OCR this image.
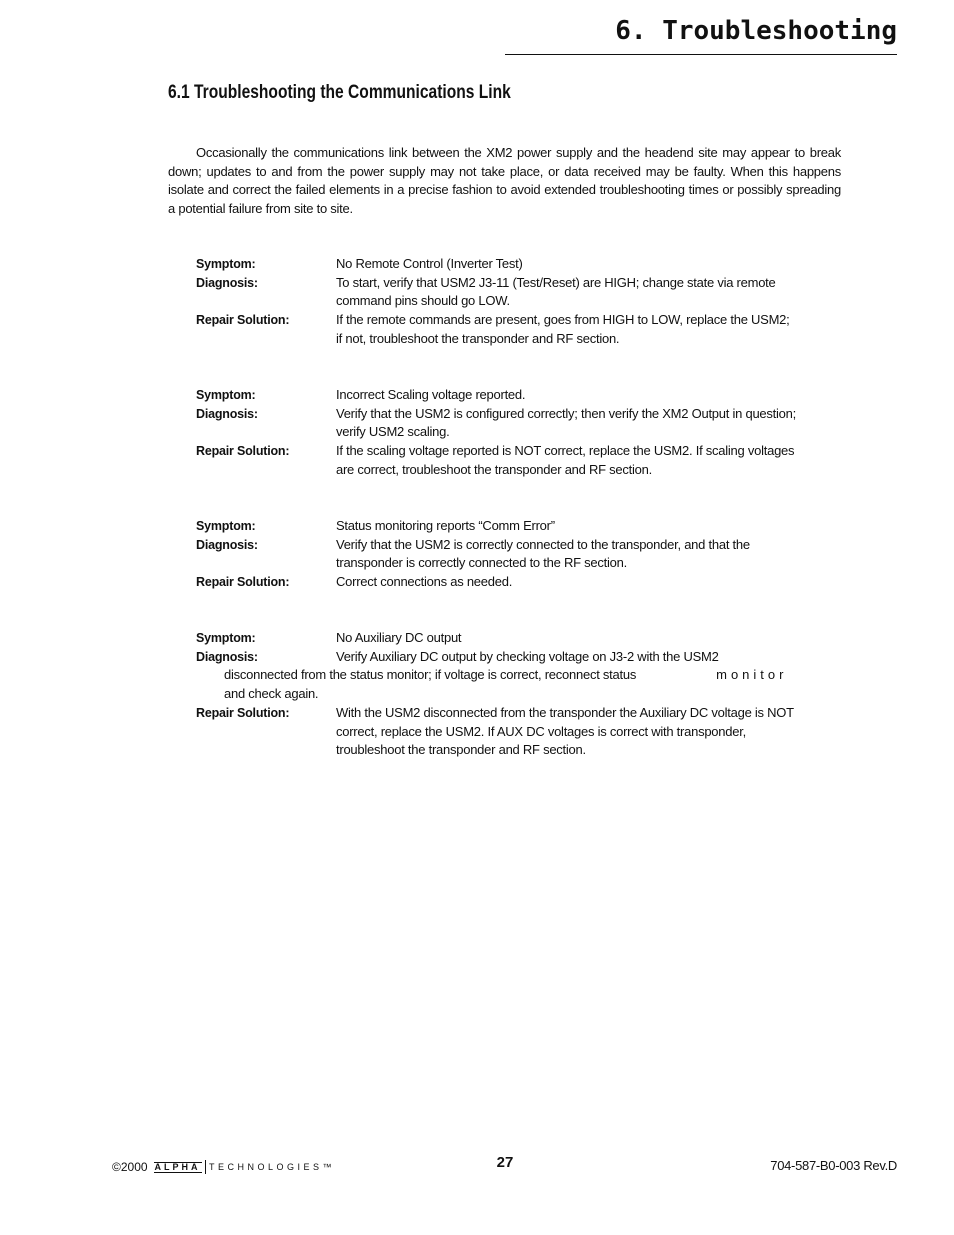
6. Troubleshooting
6.1 Troubleshooting the Communications Link

Occasionally the communications link between the XM2 power supply and the headend site may appear to break down; updates to and from the power supply may not take place, or data received may be faulty. When this happens isolate and correct the failed elements in a precise fashion to avoid extended troubleshooting times or possibly spreading a potential failure from site to site.

Symptom:	No Remote Control (Inverter Test)
Diagnosis:	To start, verify that USM2 J3-11 (Test/Reset) are HIGH; change state via remote command pins should go LOW.
Repair Solution:	If the remote commands are present, goes from HIGH to LOW, replace the USM2; if not, troubleshoot the transponder and RF section.
Symptom:	Incorrect Scaling voltage reported.
Diagnosis:	Verify that the USM2 is configured correctly; then verify the XM2 Output in question; verify USM2 scaling.
Repair Solution:	If the scaling voltage reported is NOT correct, replace the USM2. If scaling voltages are correct, troubleshoot the transponder and RF section.
Symptom:	Status monitoring reports “Comm Error”
Diagnosis:	Verify that the USM2 is correctly connected to the transponder, and that the transponder is correctly connected to the RF section.
Repair Solution:	Correct connections as needed.
Symptom:	No Auxiliary DC output
Diagnosis:	Verify Auxiliary DC output by checking voltage on J3-2 with the USM2
disconnected from the status monitor; if voltage is correct, reconnect status	monitor
and check again.
Repair Solution:	With the USM2 disconnected from the transponder the Auxiliary DC voltage is NOT correct, replace the USM2. If AUX DC voltages is correct with transponder, troubleshoot the transponder and RF section.
©2000 ALPHA TECHNOLOGIES™	27	704-587-B0-003 Rev.D
